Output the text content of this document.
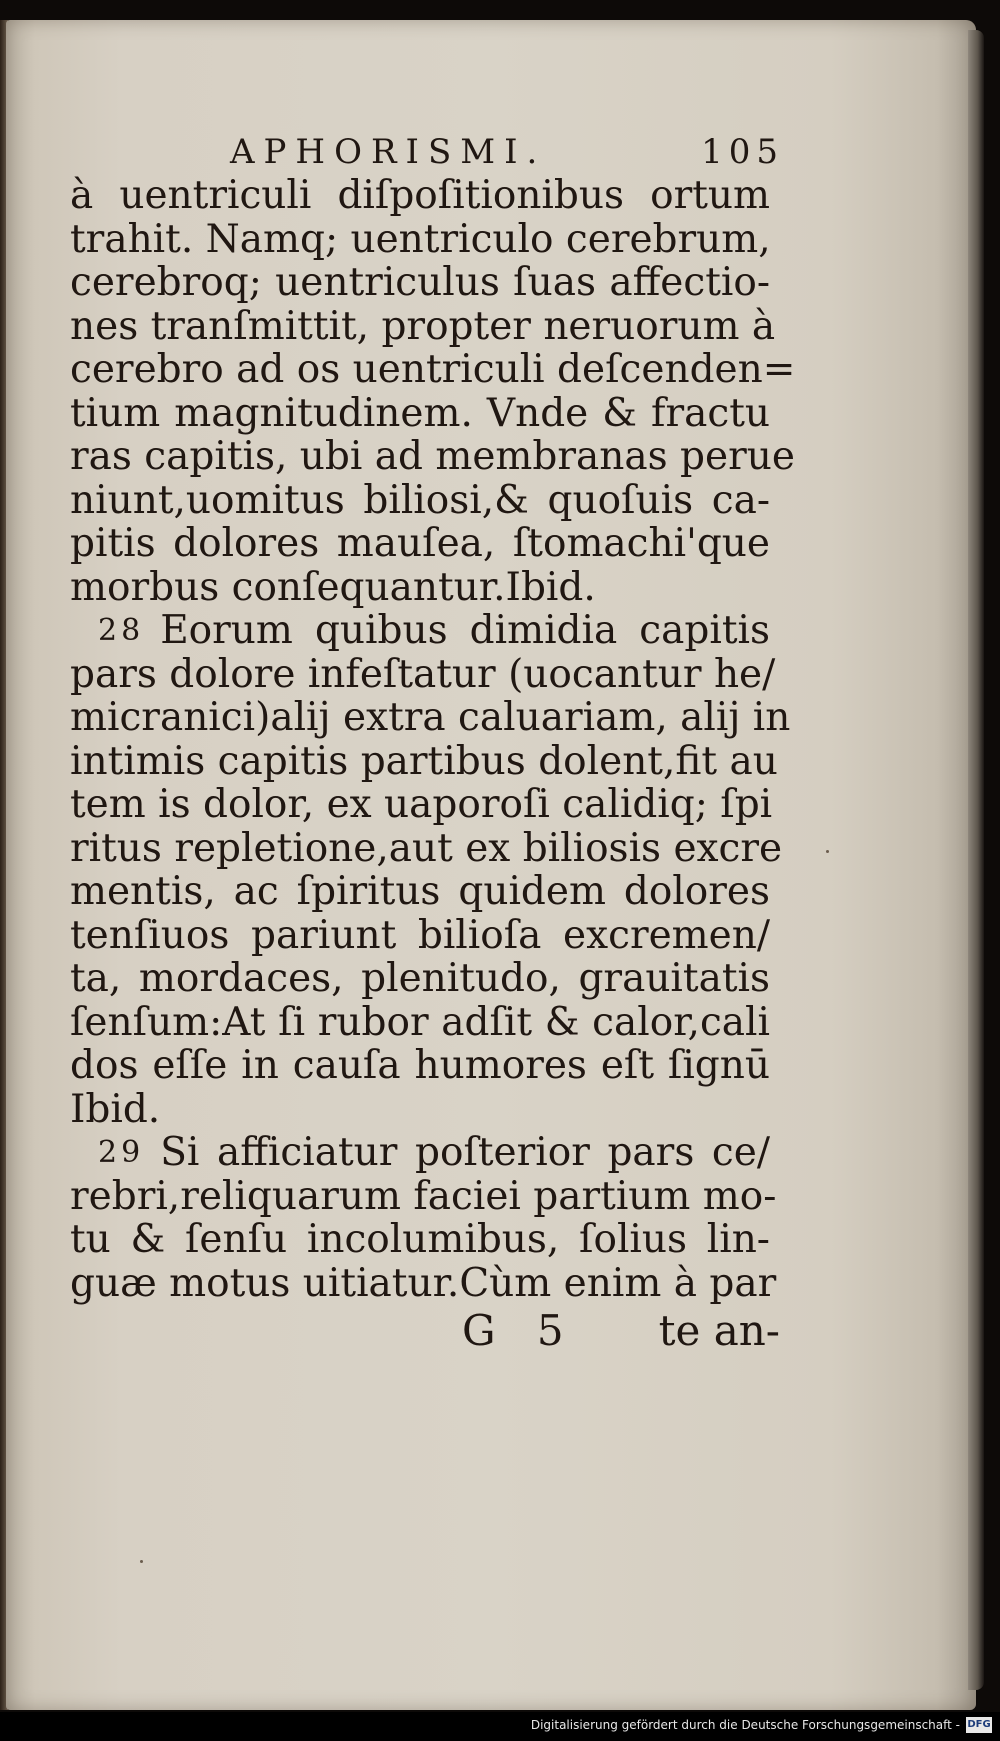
APHORISMI.	105
à uentriculi diſpoſitionibus ortum
trahit. Namq; uentriculo cerebrum,
cerebroq; uentriculus ſuas affectio-
nes tranſmittit, propter neruorum à
cerebro ad os uentriculi deſcenden=
tium magnitudinem. Vnde & fractu
ras capitis, ubi ad membranas perue
niunt,uomitus biliosi,& quoſuis ca-
pitis dolores mauſea, ſtomachi'que
morbus conſequantur.Ibid.
28 Eorum quibus dimidia capitis
pars dolore infeſtatur (uocantur he/
micranici)alij extra caluariam, alij in
intimis capitis partibus dolent,fit au
tem is dolor, ex uaporoſi calidiq; ſpi
ritus repletione,aut ex biliosis excre
mentis, ac ſpiritus quidem dolores
tenſiuos pariunt bilioſa excremen/
ta, mordaces, plenitudo, grauitatis
ſenſum:At ſi rubor adſit & calor,cali
dos eſſe in cauſa humores eſt ſignū
Ibid.
29 Si afficiatur poſterior pars ce/
rebri,reliquarum faciei partium mo-
tu & ſenſu incolumibus, ſolius lin-
guæ motus uitiatur.Cùm enim à par
G 5 te an-
Digitalisierung gefördert durch die Deutsche Forschungsgemeinschaft - DFG
